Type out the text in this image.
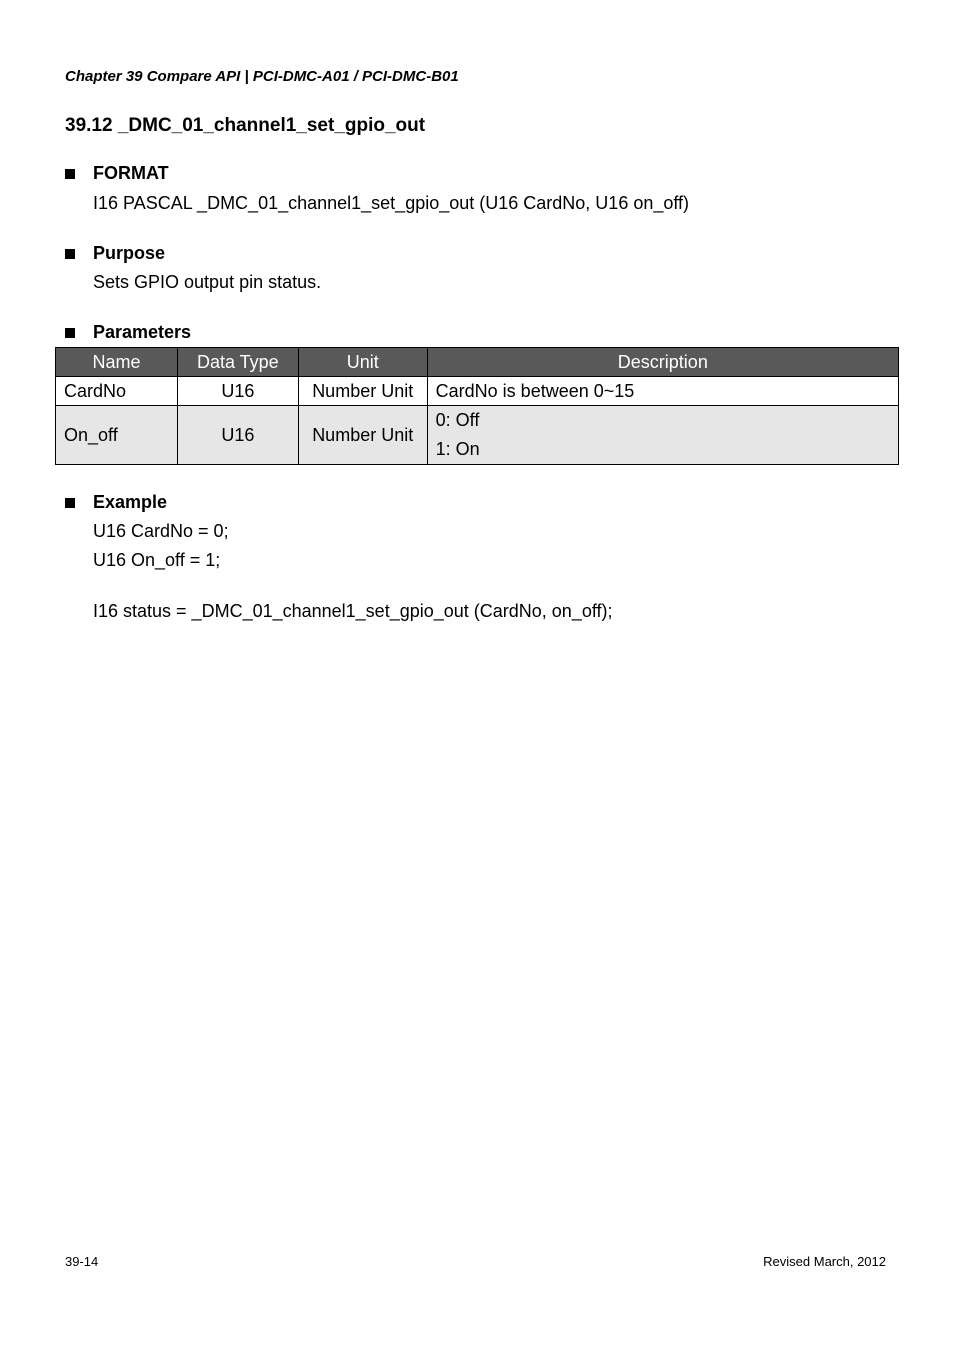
Chapter 39 Compare API | PCI-DMC-A01 / PCI-DMC-B01
39.12 _DMC_01_channel1_set_gpio_out
FORMAT
I16 PASCAL _DMC_01_channel1_set_gpio_out (U16 CardNo, U16 on_off)
Purpose
Sets GPIO output pin status.
Parameters
Name	Data Type	Unit	Description
CardNo	U16	Number Unit	CardNo is between 0~15
On_off	U16	Number Unit	0: Off
1: On
Example
U16 CardNo = 0;
U16 On_off = 1;
I16 status = _DMC_01_channel1_set_gpio_out (CardNo, on_off);
39-14	Revised March, 2012
